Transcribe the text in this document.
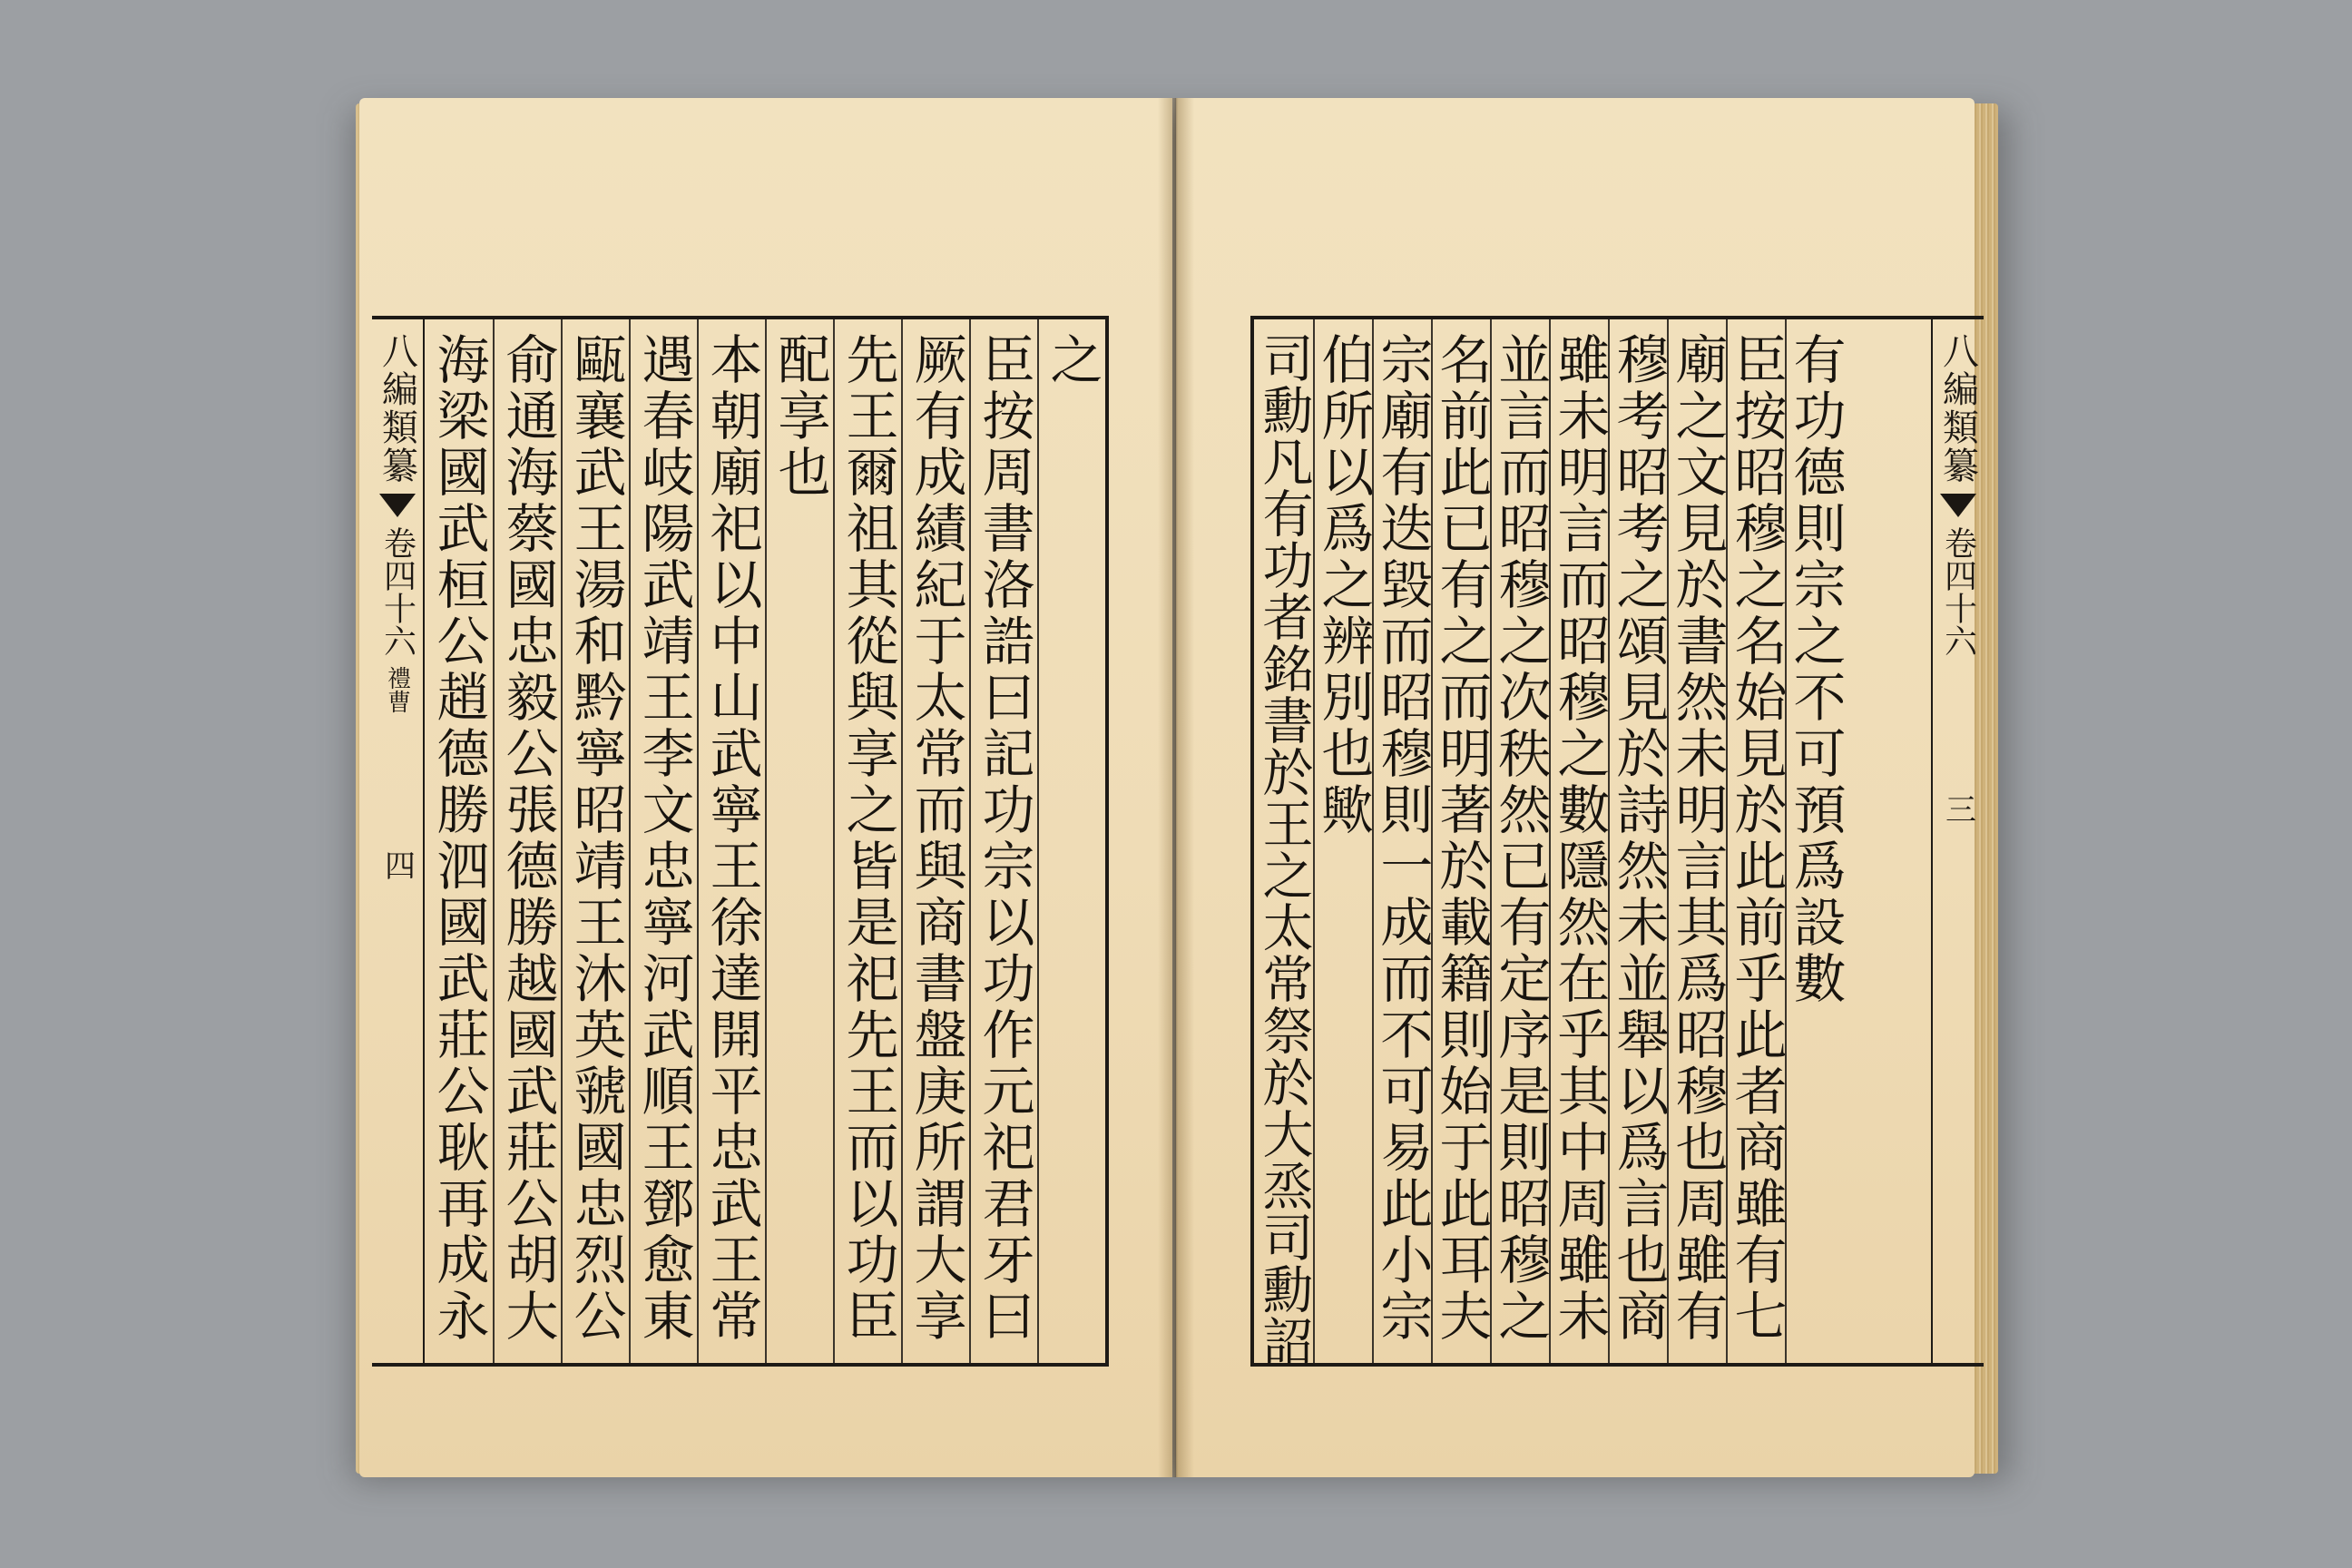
八編類纂
卷四十六
禮曹
四
之
臣按周書洛誥曰記功宗以功作元祀君牙曰
厥有成績紀于太常而與商書盤庚所謂大享
先王爾祖其從與享之皆是祀先王而以功臣
配享也
本朝廟祀以中山武寧王徐達開平忠武王常
遇春岐陽武靖王李文忠寧河武順王鄧愈東
甌襄武王湯和黔寧昭靖王沐英虢國忠烈公
俞通海蔡國忠毅公張德勝越國武莊公胡大
海梁國武桓公趙德勝泗國武莊公耿再成永	八編類纂
卷四十六
三
有功德則宗之不可預爲設數
臣按昭穆之名始見於此前乎此者商雖有七
廟之文見於書然未明言其爲昭穆也周雖有
穆考昭考之頌見於詩然未並舉以爲言也商
雖未明言而昭穆之數隱然在乎其中周雖未
並言而昭穆之次秩然已有定序是則昭穆之
名前此已有之而明著於載籍則始于此耳夫
宗廟有迭毀而昭穆則一成而不可易此小宗
伯所以爲之辨別也歟
司勳凡有功者銘書於王之太常祭於大烝司勳詔
